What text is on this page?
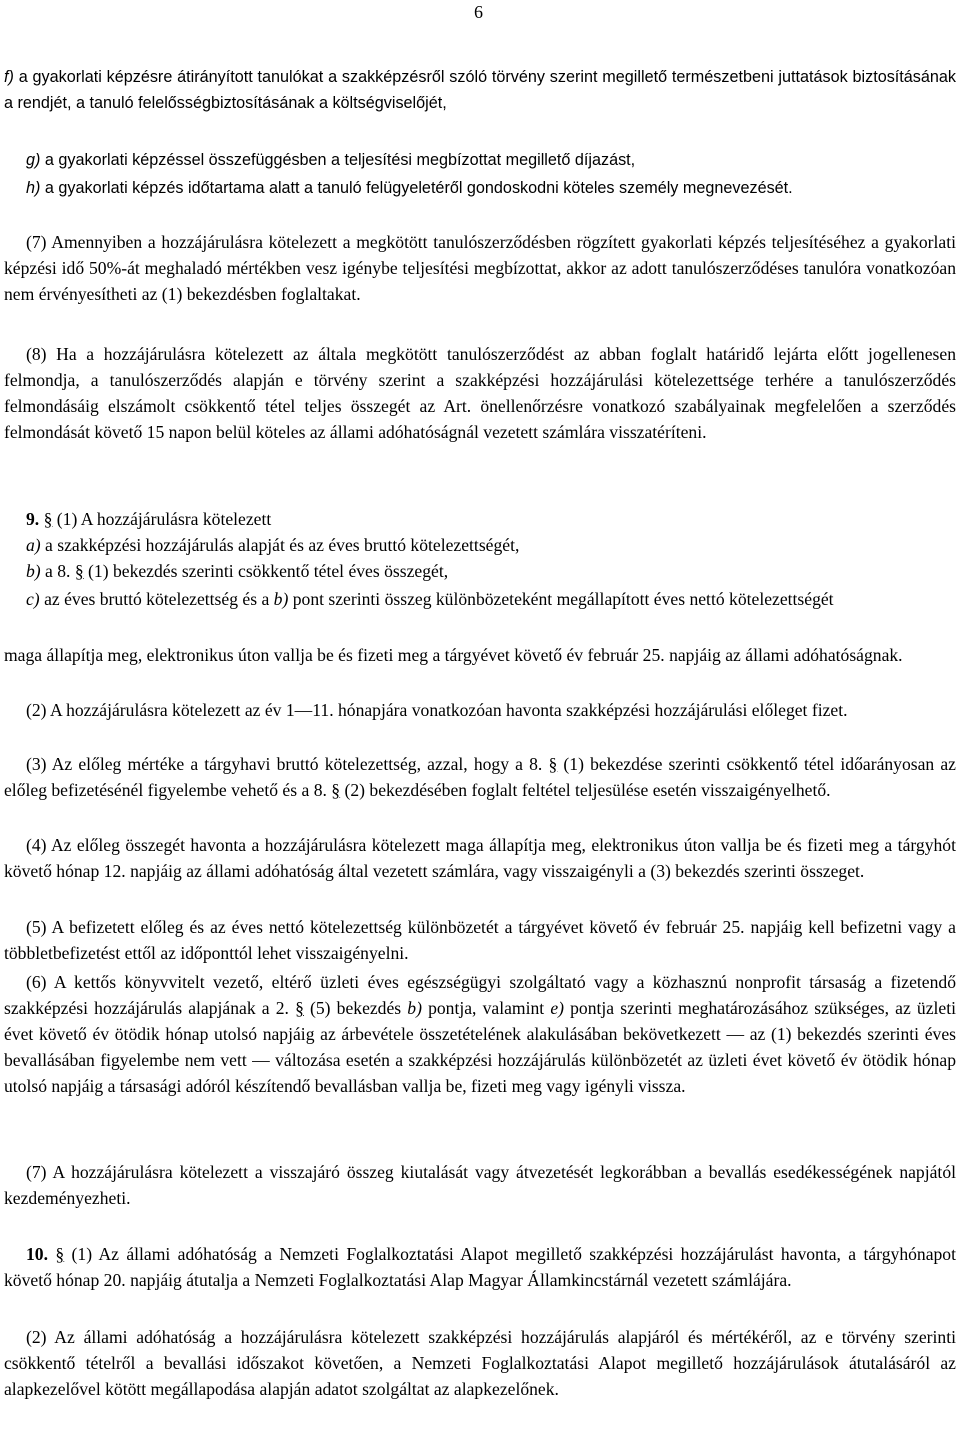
6

f) a gyakorlati képzésre átirányított tanulókat a szakképzésről szóló törvény szerint megillető természetbeni juttatások biztosításának a rendjét, a tanuló felelősségbiztosításának a költségviselőjét,

g) a gyakorlati képzéssel összefüggésben a teljesítési megbízottat megillető díjazást,

h) a gyakorlati képzés időtartama alatt a tanuló felügyeletéről gondoskodni köteles személy megnevezését.

(7) Amennyiben a hozzájárulásra kötelezett a megkötött tanulószerződésben rögzített gyakorlati képzés teljesítéséhez a gyakorlati képzési idő 50%-át meghaladó mértékben vesz igénybe teljesítési megbízottat, akkor az adott tanulószerződéses tanulóra vonatkozóan nem érvényesítheti az (1) bekezdésben foglaltakat.

(8) Ha a hozzájárulásra kötelezett az általa megkötött tanulószerződést az abban foglalt határidő lejárta előtt jogellenesen felmondja, a tanulószerződés alapján e törvény szerint a szakképzési hozzájárulási kötelezettsége terhére a tanulószerződés felmondásáig elszámolt csökkentő tétel teljes összegét az Art. önellenőrzésre vonatkozó szabályainak megfelelően a szerződés felmondását követő 15 napon belül köteles az állami adóhatóságnál vezetett számlára visszatéríteni.

9. § (1) A hozzájárulásra kötelezett

a) a szakképzési hozzájárulás alapját és az éves bruttó kötelezettségét,

b) a 8. § (1) bekezdés szerinti csökkentő tétel éves összegét,

c) az éves bruttó kötelezettség és a b) pont szerinti összeg különbözeteként megállapított éves nettó kötelezettségét

maga állapítja meg, elektronikus úton vallja be és fizeti meg a tárgyévet követő év február 25. napjáig az állami adóhatóságnak.

(2) A hozzájárulásra kötelezett az év 1—11. hónapjára vonatkozóan havonta szakképzési hozzájárulási előleget fizet.

(3) Az előleg mértéke a tárgyhavi bruttó kötelezettség, azzal, hogy a 8. § (1) bekezdése szerinti csökkentő tétel időarányosan az előleg befizetésénél figyelembe vehető és a 8. § (2) bekezdésében foglalt feltétel teljesülése esetén visszaigényelhető.

(4) Az előleg összegét havonta a hozzájárulásra kötelezett maga állapítja meg, elektronikus úton vallja be és fizeti meg a tárgyhót követő hónap 12. napjáig az állami adóhatóság által vezetett számlára, vagy visszaigényli a (3) bekezdés szerinti összeget.

(5) A befizetett előleg és az éves nettó kötelezettség különbözetét a tárgyévet követő év február 25. napjáig kell befizetni vagy a többletbefizetést ettől az időponttól lehet visszaigényelni.

(6) A kettős könyvvitelt vezető, eltérő üzleti éves egészségügyi szolgáltató vagy a közhasznú nonprofit társaság a fizetendő szakképzési hozzájárulás alapjának a 2. § (5) bekezdés b) pontja, valamint e) pontja szerinti meghatározásához szükséges, az üzleti évet követő év ötödik hónap utolsó napjáig az árbevétele összetételének alakulásában bekövetkezett — az (1) bekezdés szerinti éves bevallásában figyelembe nem vett — változása esetén a szakképzési hozzájárulás különbözetét az üzleti évet követő év ötödik hónap utolsó napjáig a társasági adóról készítendő bevallásban vallja be, fizeti meg vagy igényli vissza.

(7) A hozzájárulásra kötelezett a visszajáró összeg kiutalását vagy átvezetését legkorábban a bevallás esedékességének napjától kezdeményezheti.

10. § (1) Az állami adóhatóság a Nemzeti Foglalkoztatási Alapot megillető szakképzési hozzájárulást havonta, a tárgyhónapot követő hónap 20. napjáig átutalja a Nemzeti Foglalkoztatási Alap Magyar Államkincstárnál vezetett számlájára.

(2) Az állami adóhatóság a hozzájárulásra kötelezett szakképzési hozzájárulás alapjáról és mértékéről, az e törvény szerinti csökkentő tételről a bevallási időszakot követően, a Nemzeti Foglalkoztatási Alapot megillető hozzájárulások átutalásáról az alapkezelővel kötött megállapodása alapján adatot szolgáltat az alapkezelőnek.
